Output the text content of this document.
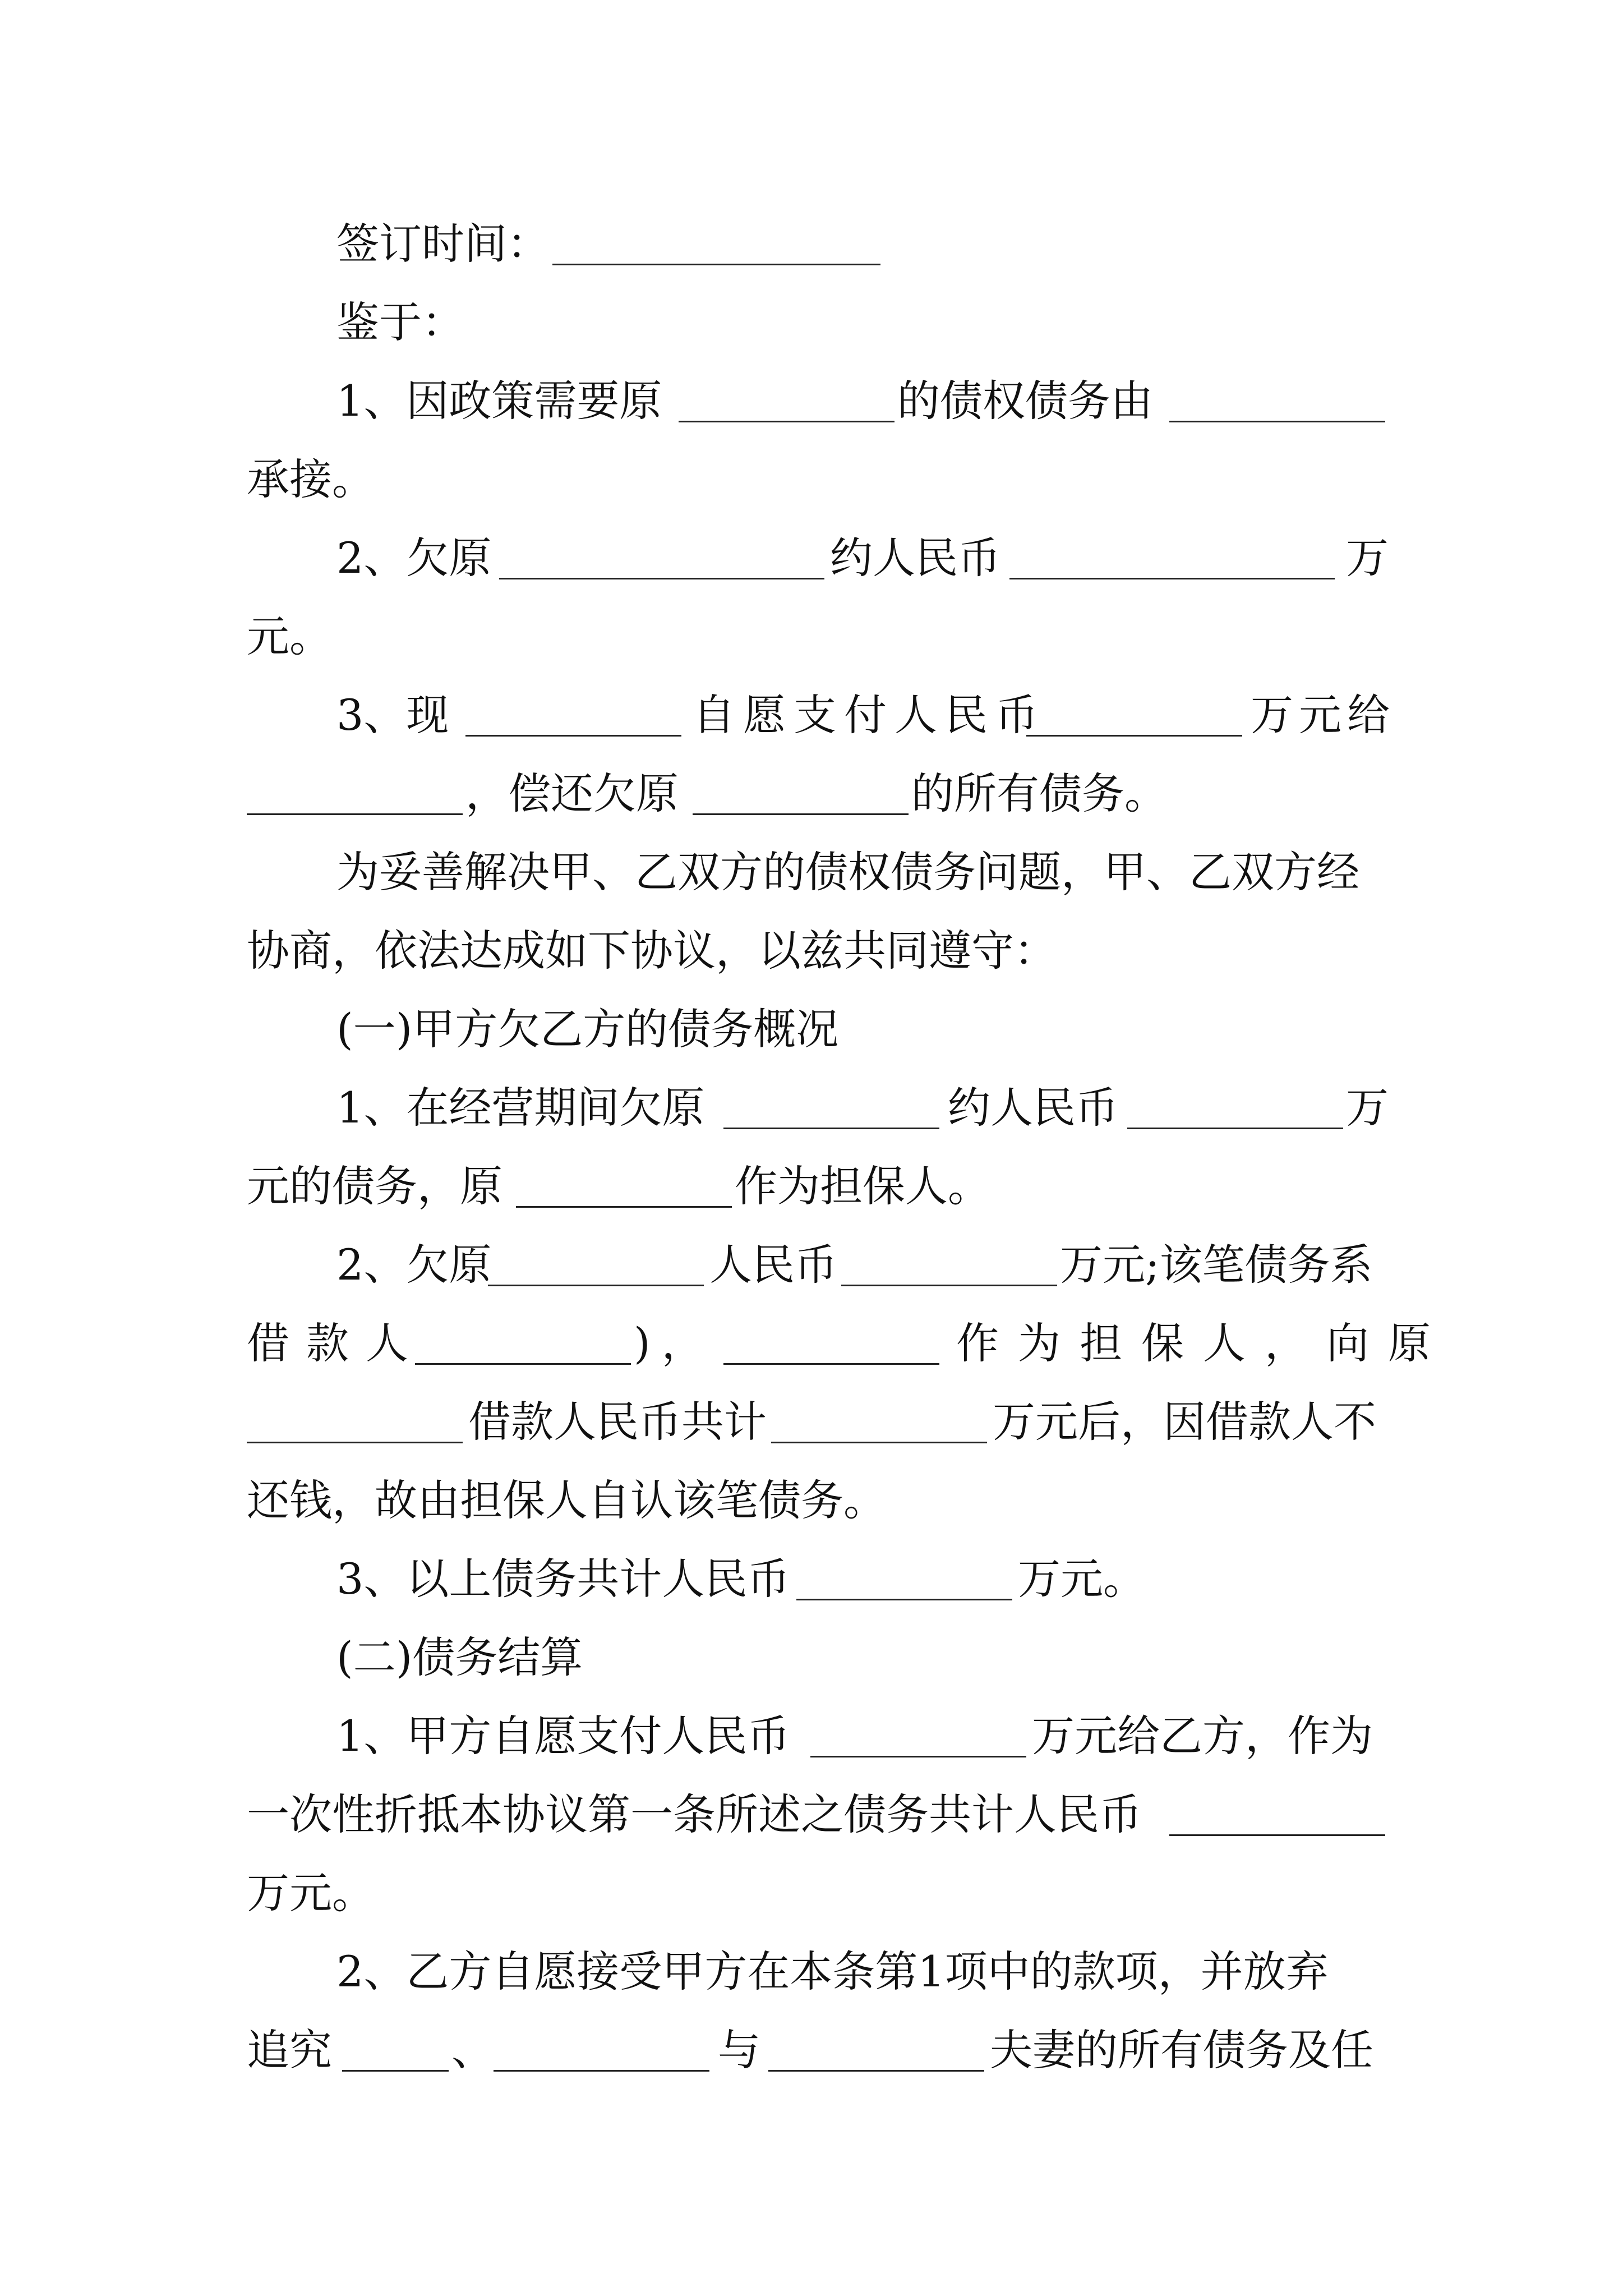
签订时间：
鉴于：
1、因政策需要原	的债权债务由
承接。
2、欠原	约人民币	万
元。
3、现	自愿支付人民币	万元给
，偿还欠原	的所有债务。
为妥善解决甲、乙双方的债权债务问题，甲、乙双方经
协商，依法达成如下协议，以兹共同遵守：
(一)甲方欠乙方的债务概况
1、在经营期间欠原	约人民币	万
元的债务，原	作为担保人。
2、欠原	人民币	万元;该笔债务系
借款人	)，	作为担保人，向原
借款人民币共计	万元后，因借款人不
还钱，故由担保人自认该笔债务。
3、以上债务共计人民币	万元。
(二)债务结算
1、甲方自愿支付人民币	万元给乙方，作为
一次性折抵本协议第一条所述之债务共计人民币
万元。
2、乙方自愿接受甲方在本条第1项中的款项，并放弃
追究	、	与	夫妻的所有债务及任
